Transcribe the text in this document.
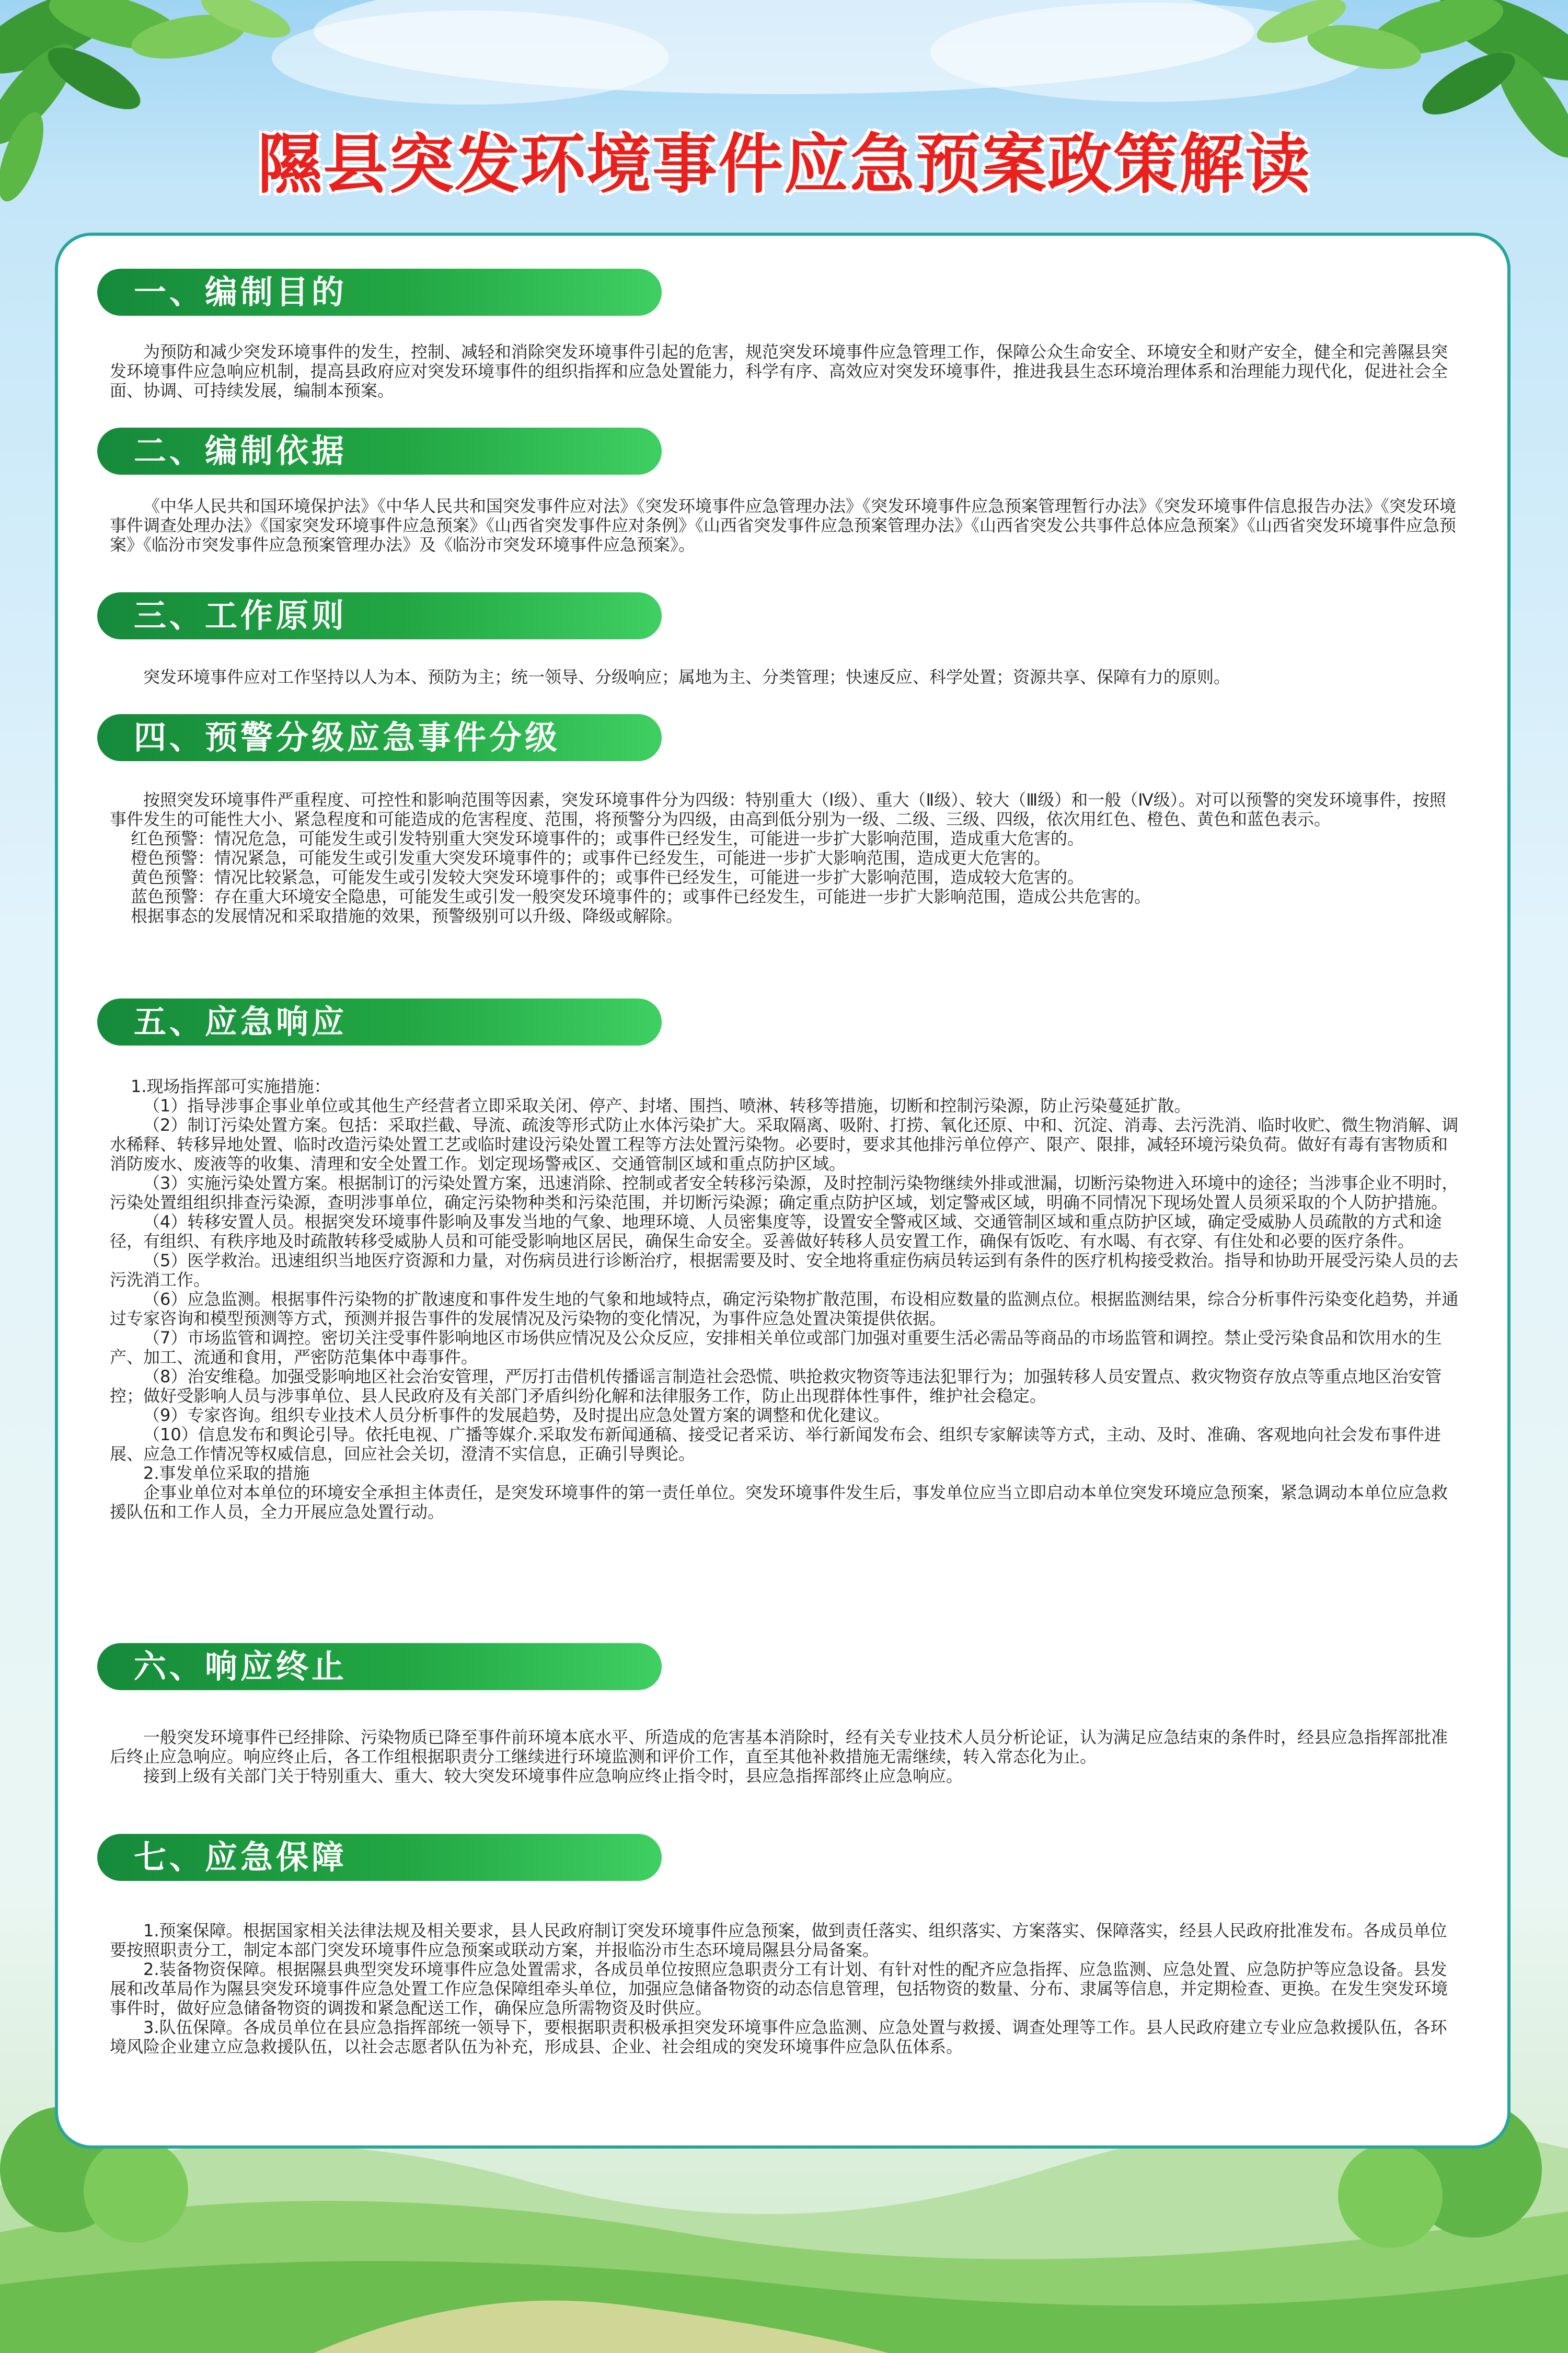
隰县突发环境事件应急预案政策解读
一、编制目的

为预防和减少突发环境事件的发生，控制、减轻和消除突发环境事件引起的危害，规范突发环境事件应急管理工作，保障公众生命安全、环境安全和财产安全，健全和完善隰县突发环境事件应急响应机制，提高县政府应对突发环境事件的组织指挥和应急处置能力，科学有序、高效应对突发环境事件，推进我县生态环境治理体系和治理能力现代化，促进社会全面、协调、可持续发展，编制本预案。

二、编制依据

《中华人民共和国环境保护法》《中华人民共和国突发事件应对法》《突发环境事件应急管理办法》《突发环境事件应急预案管理暂行办法》《突发环境事件信息报告办法》《突发环境事件调查处理办法》《国家突发环境事件应急预案》《山西省突发事件应对条例》《山西省突发事件应急预案管理办法》《山西省突发公共事件总体应急预案》《山西省突发环境事件应急预案》《临汾市突发事件应急预案管理办法》及《临汾市突发环境事件应急预案》。

三、工作原则

突发环境事件应对工作坚持以人为本、预防为主；统一领导、分级响应；属地为主、分类管理；快速反应、科学处置；资源共享、保障有力的原则。

四、预警分级应急事件分级

按照突发环境事件严重程度、可控性和影响范围等因素，突发环境事件分为四级：特别重大（Ⅰ级）、重大（Ⅱ级）、较大（Ⅲ级）和一般（Ⅳ级）。对可以预警的突发环境事件，按照事件发生的可能性大小、紧急程度和可能造成的危害程度、范围，将预警分为四级，由高到低分别为一级、二级、三级、四级，依次用红色、橙色、黄色和蓝色表示。

红色预警：情况危急，可能发生或引发特别重大突发环境事件的；或事件已经发生，可能进一步扩大影响范围，造成重大危害的。

橙色预警：情况紧急，可能发生或引发重大突发环境事件的；或事件已经发生，可能进一步扩大影响范围，造成更大危害的。

黄色预警：情况比较紧急，可能发生或引发较大突发环境事件的；或事件已经发生，可能进一步扩大影响范围，造成较大危害的。

蓝色预警：存在重大环境安全隐患，可能发生或引发一般突发环境事件的；或事件已经发生，可能进一步扩大影响范围，造成公共危害的。

根据事态的发展情况和采取措施的效果，预警级别可以升级、降级或解除。

五、应急响应

1.现场指挥部可实施措施：

（1）指导涉事企事业单位或其他生产经营者立即采取关闭、停产、封堵、围挡、喷淋、转移等措施，切断和控制污染源，防止污染蔓延扩散。

（2）制订污染处置方案。包括：采取拦截、导流、疏浚等形式防止水体污染扩大。采取隔离、吸附、打捞、氧化还原、中和、沉淀、消毒、去污洗消、临时收贮、微生物消解、调水稀释、转移异地处置、临时改造污染处置工艺或临时建设污染处置工程等方法处置污染物。必要时，要求其他排污单位停产、限产、限排，减轻环境污染负荷。做好有毒有害物质和消防废水、废液等的收集、清理和安全处置工作。划定现场警戒区、交通管制区域和重点防护区域。

（3）实施污染处置方案。根据制订的污染处置方案，迅速消除、控制或者安全转移污染源，及时控制污染物继续外排或泄漏，切断污染物进入环境中的途径；当涉事企业不明时，污染处置组组织排查污染源，查明涉事单位，确定污染物种类和污染范围，并切断污染源；确定重点防护区域，划定警戒区域，明确不同情况下现场处置人员须采取的个人防护措施。

（4）转移安置人员。根据突发环境事件影响及事发当地的气象、地理环境、人员密集度等，设置安全警戒区域、交通管制区域和重点防护区域，确定受威胁人员疏散的方式和途径，有组织、有秩序地及时疏散转移受威胁人员和可能受影响地区居民，确保生命安全。妥善做好转移人员安置工作，确保有饭吃、有水喝、有衣穿、有住处和必要的医疗条件。

（5）医学救治。迅速组织当地医疗资源和力量，对伤病员进行诊断治疗，根据需要及时、安全地将重症伤病员转运到有条件的医疗机构接受救治。指导和协助开展受污染人员的去污洗消工作。

（6）应急监测。根据事件污染物的扩散速度和事件发生地的气象和地域特点，确定污染物扩散范围，布设相应数量的监测点位。根据监测结果，综合分析事件污染变化趋势，并通过专家咨询和模型预测等方式，预测并报告事件的发展情况及污染物的变化情况，为事件应急处置决策提供依据。

（7）市场监管和调控。密切关注受事件影响地区市场供应情况及公众反应，安排相关单位或部门加强对重要生活必需品等商品的市场监管和调控。禁止受污染食品和饮用水的生产、加工、流通和食用，严密防范集体中毒事件。

（8）治安维稳。加强受影响地区社会治安管理，严厉打击借机传播谣言制造社会恐慌、哄抢救灾物资等违法犯罪行为；加强转移人员安置点、救灾物资存放点等重点地区治安管控；做好受影响人员与涉事单位、县人民政府及有关部门矛盾纠纷化解和法律服务工作，防止出现群体性事件，维护社会稳定。

（9）专家咨询。组织专业技术人员分析事件的发展趋势，及时提出应急处置方案的调整和优化建议。

（10）信息发布和舆论引导。依托电视、广播等媒介.采取发布新闻通稿、接受记者采访、举行新闻发布会、组织专家解读等方式，主动、及时、准确、客观地向社会发布事件进展、应急工作情况等权威信息，回应社会关切，澄清不实信息，正确引导舆论。

2.事发单位采取的措施

企事业单位对本单位的环境安全承担主体责任，是突发环境事件的第一责任单位。突发环境事件发生后，事发单位应当立即启动本单位突发环境应急预案，紧急调动本单位应急救援队伍和工作人员，全力开展应急处置行动。

六、响应终止

一般突发环境事件已经排除、污染物质已降至事件前环境本底水平、所造成的危害基本消除时，经有关专业技术人员分析论证，认为满足应急结束的条件时，经县应急指挥部批准后终止应急响应。响应终止后，各工作组根据职责分工继续进行环境监测和评价工作，直至其他补救措施无需继续，转入常态化为止。

接到上级有关部门关于特别重大、重大、较大突发环境事件应急响应终止指令时，县应急指挥部终止应急响应。

七、应急保障

1.预案保障。根据国家相关法律法规及相关要求，县人民政府制订突发环境事件应急预案，做到责任落实、组织落实、方案落实、保障落实，经县人民政府批准发布。各成员单位要按照职责分工，制定本部门突发环境事件应急预案或联动方案，并报临汾市生态环境局隰县分局备案。

2.装备物资保障。根据隰县典型突发环境事件应急处置需求，各成员单位按照应急职责分工有计划、有针对性的配齐应急指挥、应急监测、应急处置、应急防护等应急设备。县发展和改革局作为隰县突发环境事件应急处置工作应急保障组牵头单位，加强应急储备物资的动态信息管理，包括物资的数量、分布、隶属等信息，并定期检查、更换。在发生突发环境事件时，做好应急储备物资的调拨和紧急配送工作，确保应急所需物资及时供应。

3.队伍保障。各成员单位在县应急指挥部统一领导下，要根据职责积极承担突发环境事件应急监测、应急处置与救援、调查处理等工作。县人民政府建立专业应急救援队伍，各环境风险企业建立应急救援队伍，以社会志愿者队伍为补充，形成县、企业、社会组成的突发环境事件应急队伍体系。
